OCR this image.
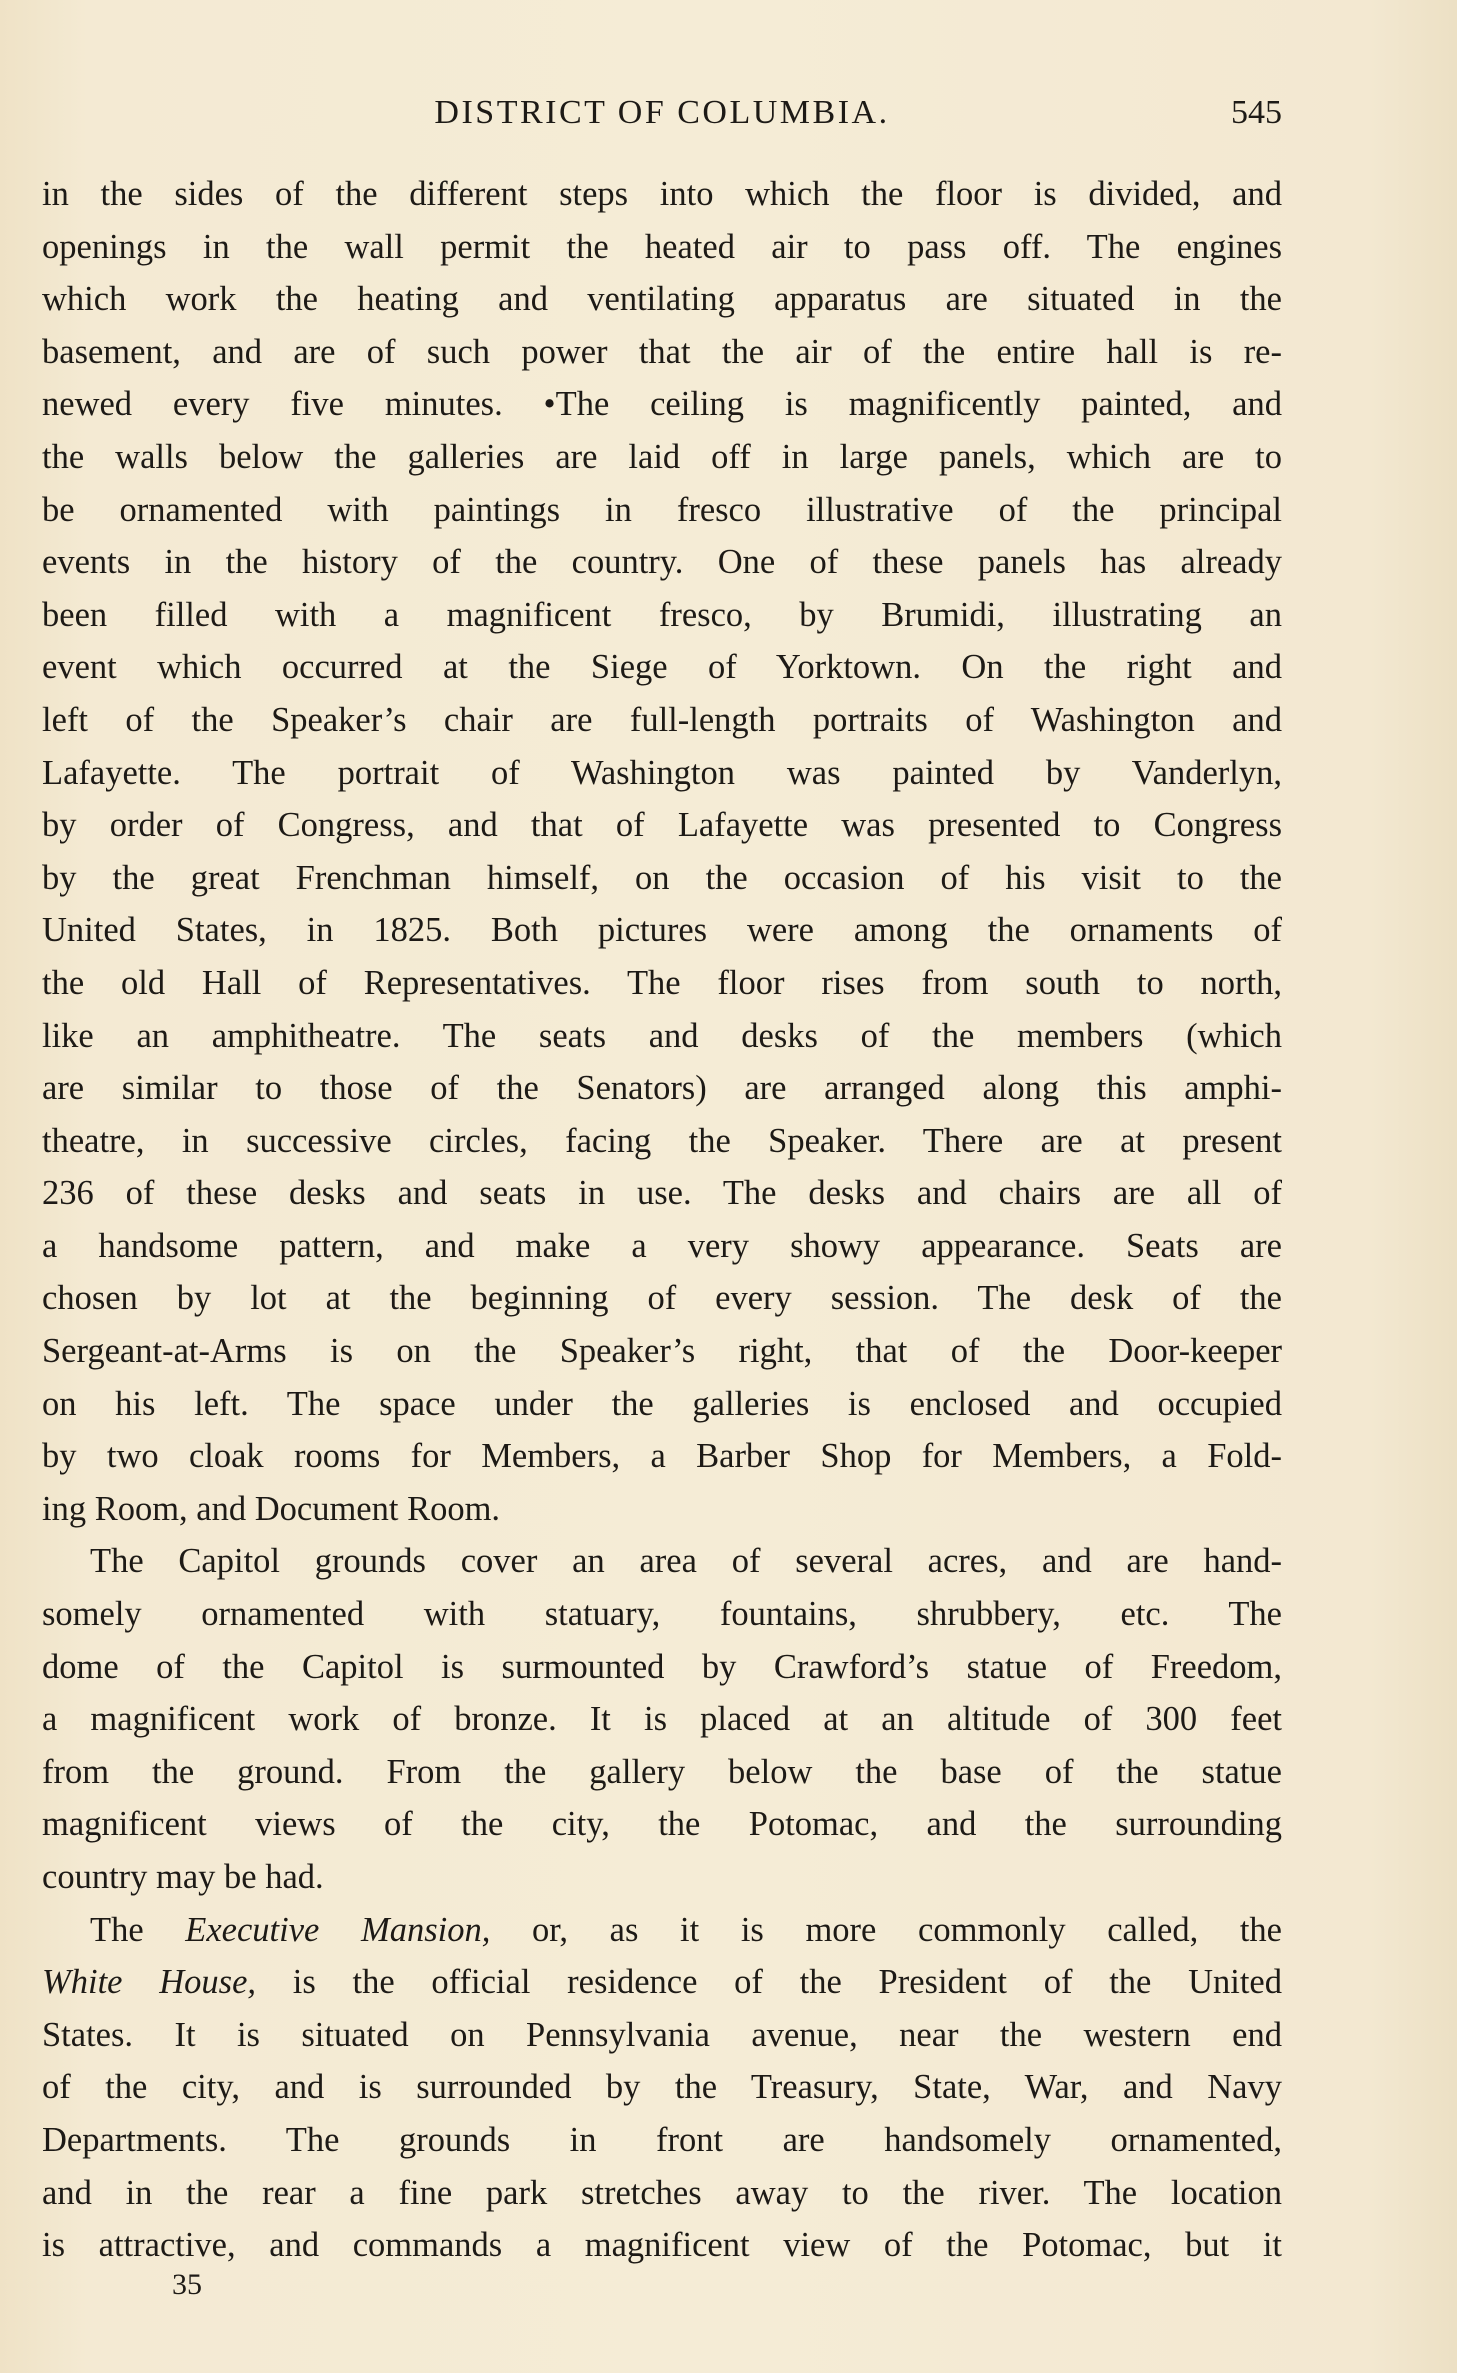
DISTRICT OF COLUMBIA.	545
in the sides of the different steps into which the floor is divided, and
openings in the wall permit the heated air to pass off. The engines
which work the heating and ventilating apparatus are situated in the
basement, and are of such power that the air of the entire hall is re-
newed every five minutes. •The ceiling is magnificently painted, and
the walls below the galleries are laid off in large panels, which are to
be ornamented with paintings in fresco illustrative of the principal
events in the history of the country. One of these panels has already
been filled with a magnificent fresco, by Brumidi, illustrating an
event which occurred at the Siege of Yorktown. On the right and
left of the Speaker’s chair are full-length portraits of Washington and
Lafayette. The portrait of Washington was painted by Vanderlyn,
by order of Congress, and that of Lafayette was presented to Congress
by the great Frenchman himself, on the occasion of his visit to the
United States, in 1825. Both pictures were among the ornaments of
the old Hall of Representatives. The floor rises from south to north,
like an amphitheatre. The seats and desks of the members (which
are similar to those of the Senators) are arranged along this amphi-
theatre, in successive circles, facing the Speaker. There are at present
236 of these desks and seats in use. The desks and chairs are all of
a handsome pattern, and make a very showy appearance. Seats are
chosen by lot at the beginning of every session. The desk of the
Sergeant-at-Arms is on the Speaker’s right, that of the Door-keeper
on his left. The space under the galleries is enclosed and occupied
by two cloak rooms for Members, a Barber Shop for Members, a Fold-
ing Room, and Document Room.
The Capitol grounds cover an area of several acres, and are hand-
somely ornamented with statuary, fountains, shrubbery, etc. The
dome of the Capitol is surmounted by Crawford’s statue of Freedom,
a magnificent work of bronze. It is placed at an altitude of 300 feet
from the ground. From the gallery below the base of the statue
magnificent views of the city, the Potomac, and the surrounding
country may be had.
The Executive Mansion, or, as it is more commonly called, the
White House, is the official residence of the President of the United
States. It is situated on Pennsylvania avenue, near the western end
of the city, and is surrounded by the Treasury, State, War, and Navy
Departments. The grounds in front are handsomely ornamented,
and in the rear a fine park stretches away to the river. The location
is attractive, and commands a magnificent view of the Potomac, but it
35
